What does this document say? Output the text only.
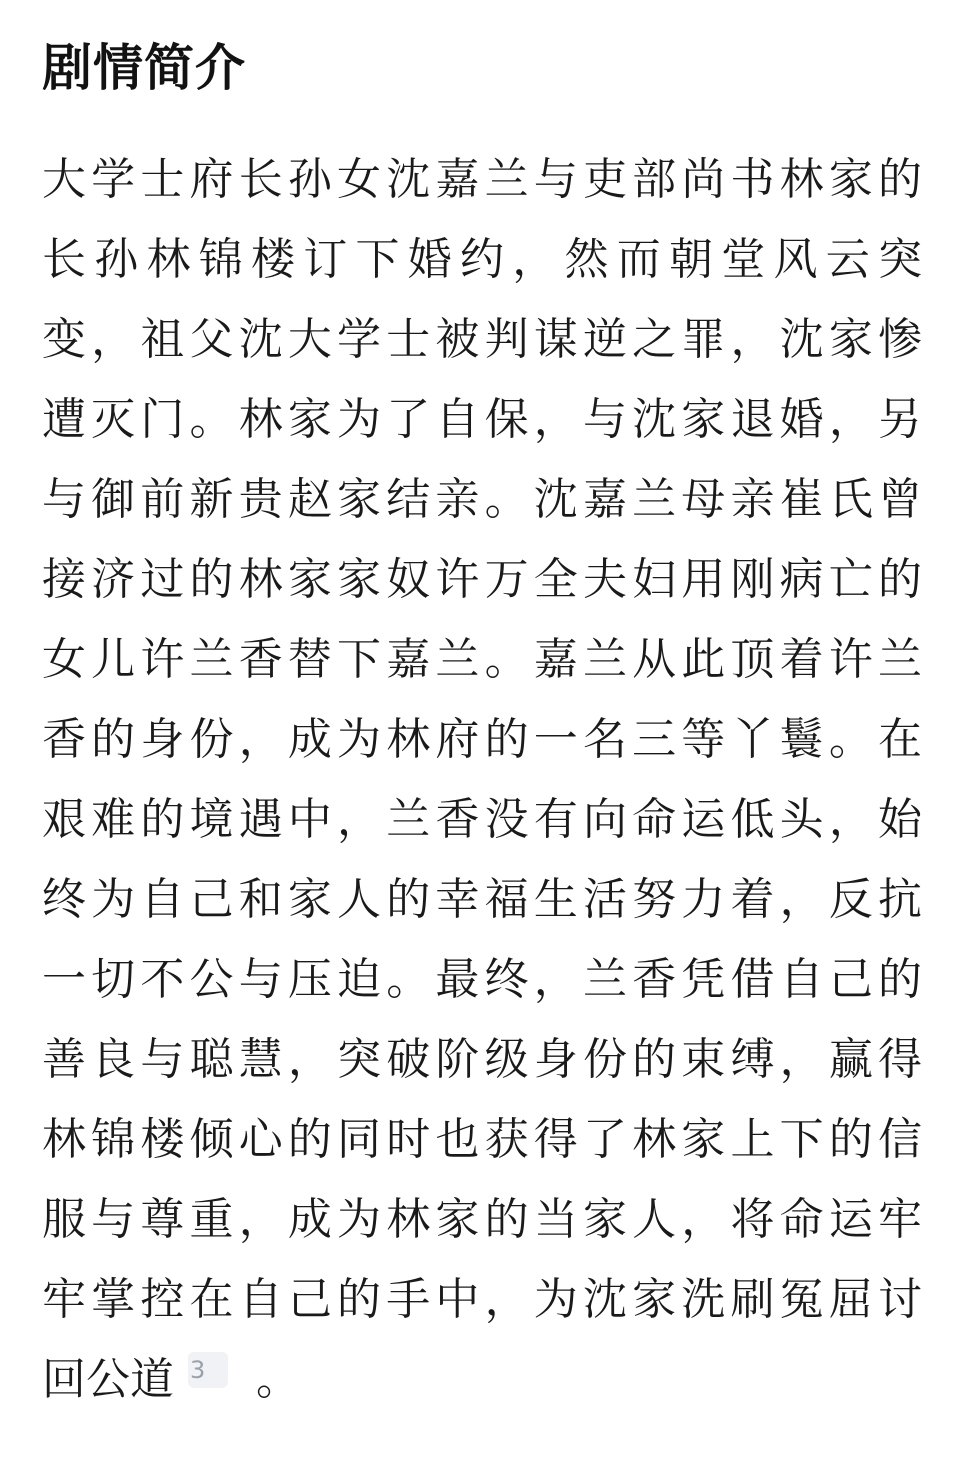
剧情简介
大学士府长孙女沈嘉兰与吏部尚书林家的
长孙林锦楼订下婚约，然而朝堂风云突
变，祖父沈大学士被判谋逆之罪，沈家惨
遭灭门。林家为了自保，与沈家退婚，另
与御前新贵赵家结亲。沈嘉兰母亲崔氏曾
接济过的林家家奴许万全夫妇用刚病亡的
女儿许兰香替下嘉兰。嘉兰从此顶着许兰
香的身份，成为林府的一名三等丫鬟。在
艰难的境遇中，兰香没有向命运低头，始
终为自己和家人的幸福生活努力着，反抗
一切不公与压迫。最终，兰香凭借自己的
善良与聪慧，突破阶级身份的束缚，赢得
林锦楼倾心的同时也获得了林家上下的信
服与尊重，成为林家的当家人，将命运牢
牢掌控在自己的手中，为沈家洗刷冤屈讨
回公道 3 。
